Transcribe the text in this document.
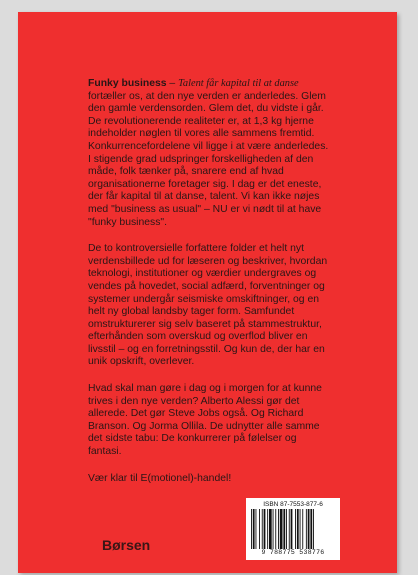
Funky business – Talent får kapital til at danse fortæller os, at den nye verden er anderledes. Glem den gamle verdensorden. Glem det, du vidste i går. De revolutionerende realiteter er, at 1,3 kg hjerne indeholder nøglen til vores alle sammens fremtid.

Konkurrencefordelene vil ligge i at være anderledes. I stigende grad udspringer forskelligheden af den måde, folk tænker på, snarere end af hvad organisationerne foretager sig. I dag er det eneste, der får kapital til at danse, talent. Vi kan ikke nøjes med "business as usual" – NU er vi nødt til at have "funky business".

De to kontroversielle forfattere folder et helt nyt verdensbillede ud for læseren og beskriver, hvordan teknologi, institutioner og værdier undergraves og vendes på hovedet, social adfærd, forventninger og systemer undergår seismiske omskiftninger, og en helt ny global landsby tager form. Samfundet omstrukturerer sig selv baseret på stammestruktur, efterhånden som overskud og overflod bliver en livsstil – og en forretningsstil. Og kun de, der har en unik opskrift, overlever.

Hvad skal man gøre i dag og i morgen for at kunne trives i den nye verden? Alberto Alessi gør det allerede. Det gør Steve Jobs også. Og Richard Branson. Og Jorma Ollila. De udnytter alle samme det sidste tabu: De konkurrerer på følelser og fantasi.

Vær klar til E(motionel)-handel!

ISBN 87-7553-877-6
9 788775 538776
Børsen
